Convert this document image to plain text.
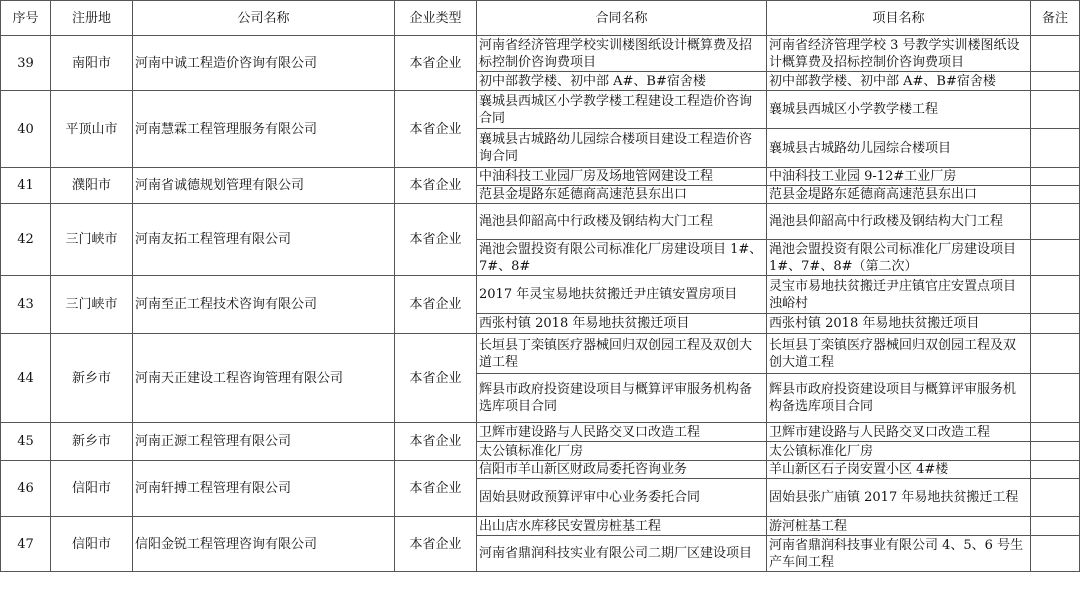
序号	注册地	公司名称	企业类型	合同名称	项目名称	备注
39	南阳市	河南中诚工程造价咨询有限公司	本省企业	河南省经济管理学校实训楼图纸设计概算费及招标控制价咨询费项目	河南省经济管理学校 3 号教学实训楼图纸设计概算费及招标控制价咨询费项目	
				初中部教学楼、初中部 A#、B#宿舍楼	初中部教学楼、初中部 A#、B#宿舍楼	
40	平顶山市	河南慧霖工程管理服务有限公司	本省企业	襄城县西城区小学教学楼工程建设工程造价咨询合同	襄城县西城区小学教学楼工程	
				襄城县古城路幼儿园综合楼项目建设工程造价咨询合同	襄城县古城路幼儿园综合楼项目	
41	濮阳市	河南省诚德规划管理有限公司	本省企业	中油科技工业园厂房及场地管网建设工程	中油科技工业园 9-12#工业厂房	
				范县金堤路东延德商高速范县东出口	范县金堤路东延德商高速范县东出口	
42	三门峡市	河南友拓工程管理有限公司	本省企业	渑池县仰韶高中行政楼及钢结构大门工程	渑池县仰韶高中行政楼及钢结构大门工程	
				渑池会盟投资有限公司标准化厂房建设项目 1#、7#、8#	渑池会盟投资有限公司标准化厂房建设项目 1#、7#、8#（第二次）	
43	三门峡市	河南至正工程技术咨询有限公司	本省企业	2017 年灵宝易地扶贫搬迁尹庄镇安置房项目	灵宝市易地扶贫搬迁尹庄镇官庄安置点项目浊峪村	
				西张村镇 2018 年易地扶贫搬迁项目	西张村镇 2018 年易地扶贫搬迁项目	
44	新乡市	河南天正建设工程咨询管理有限公司	本省企业	长垣县丁栾镇医疗器械回归双创园工程及双创大道工程	长垣县丁栾镇医疗器械回归双创园工程及双创大道工程	
				辉县市政府投资建设项目与概算评审服务机构备选库项目合同	辉县市政府投资建设项目与概算评审服务机构备选库项目合同	
45	新乡市	河南正源工程管理有限公司	本省企业	卫辉市建设路与人民路交叉口改造工程	卫辉市建设路与人民路交叉口改造工程	
				太公镇标准化厂房	太公镇标准化厂房	
46	信阳市	河南轩搏工程管理有限公司	本省企业	信阳市羊山新区财政局委托咨询业务	羊山新区石子岗安置小区 4#楼	
				固始县财政预算评审中心业务委托合同	固始县张广庙镇 2017 年易地扶贫搬迁工程	
47	信阳市	信阳金锐工程管理咨询有限公司	本省企业	出山店水库移民安置房桩基工程	游河桩基工程	
				河南省鼎润科技实业有限公司二期厂区建设项目	河南省鼎润科技事业有限公司 4、5、6 号生产车间工程	
